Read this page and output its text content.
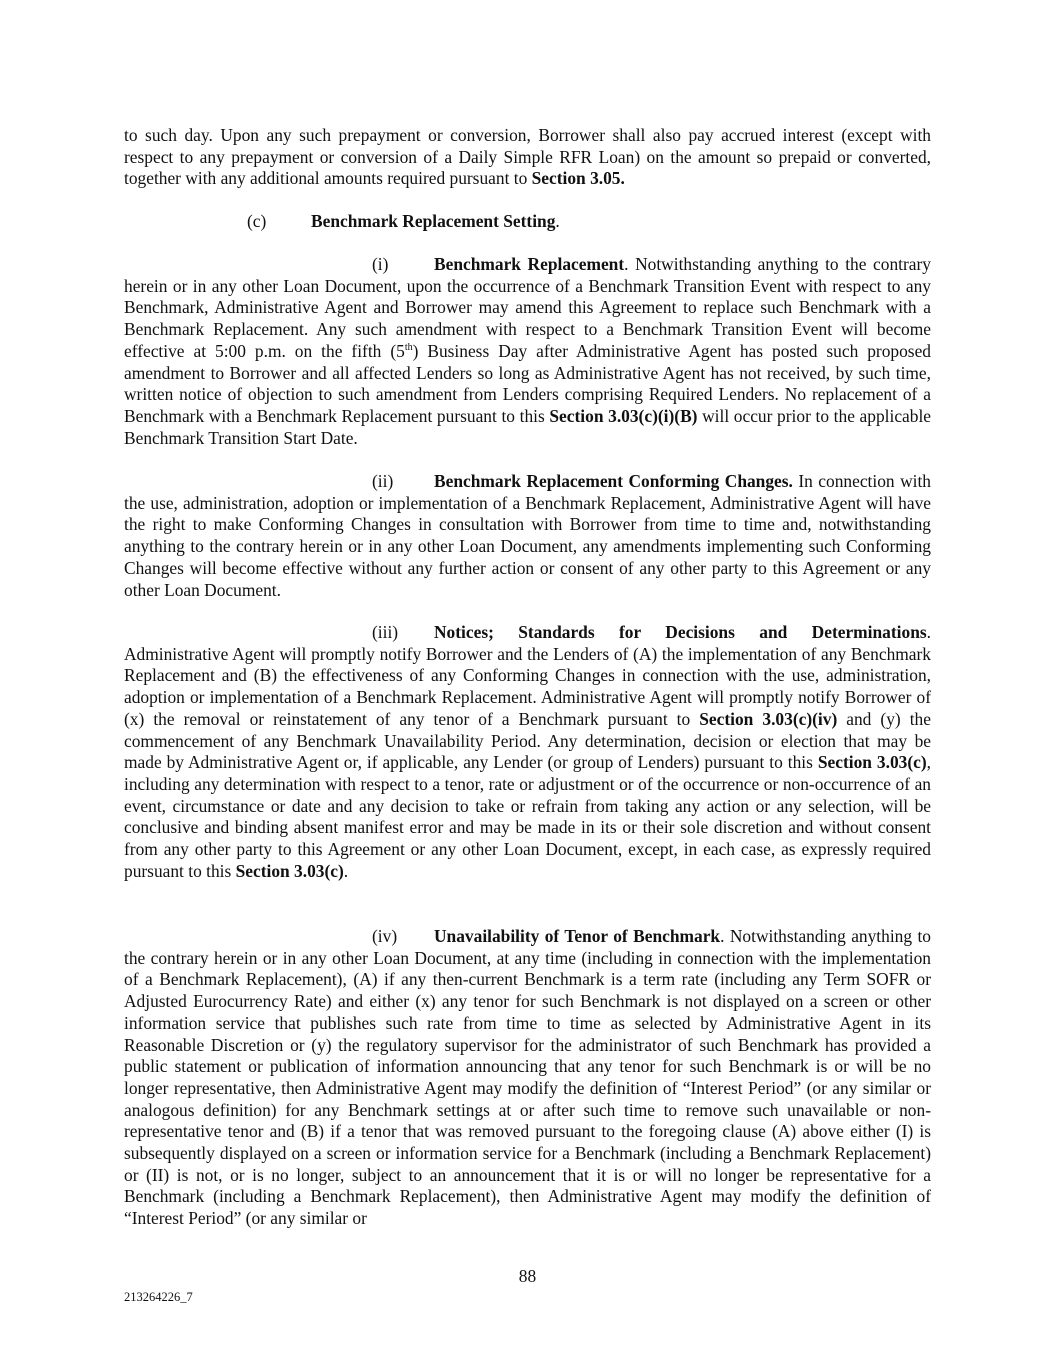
to such day. Upon any such prepayment or conversion, Borrower shall also pay accrued interest (except with respect to any prepayment or conversion of a Daily Simple RFR Loan) on the amount so prepaid or converted, together with any additional amounts required pursuant to Section 3.05.

(c)	Benchmark Replacement Setting.

(i)	Benchmark Replacement. Notwithstanding anything to the contrary herein or in any other Loan Document, upon the occurrence of a Benchmark Transition Event with respect to any Benchmark, Administrative Agent and Borrower may amend this Agreement to replace such Benchmark with a Benchmark Replacement. Any such amendment with respect to a Benchmark Transition Event will become effective at 5:00 p.m. on the fifth (5th) Business Day after Administrative Agent has posted such proposed amendment to Borrower and all affected Lenders so long as Administrative Agent has not received, by such time, written notice of objection to such amendment from Lenders comprising Required Lenders. No replacement of a Benchmark with a Benchmark Replacement pursuant to this Section 3.03(c)(i)(B) will occur prior to the applicable Benchmark Transition Start Date.

(ii) Benchmark Replacement Conforming Changes. In connection with the use, administration, adoption or implementation of a Benchmark Replacement, Administrative Agent will have the right to make Conforming Changes in consultation with Borrower from time to time and, notwithstanding anything to the contrary herein or in any other Loan Document, any amendments implementing such Conforming Changes will become effective without any further action or consent of any other party to this Agreement or any other Loan Document.

(iii) Notices; Standards for Decisions and Determinations. Administrative Agent will promptly notify Borrower and the Lenders of (A) the implementation of any Benchmark Replacement and (B) the effectiveness of any Conforming Changes in connection with the use, administration, adoption or implementation of a Benchmark Replacement. Administrative Agent will promptly notify Borrower of (x) the removal or reinstatement of any tenor of a Benchmark pursuant to Section 3.03(c)(iv) and (y) the commencement of any Benchmark Unavailability Period. Any determination, decision or election that may be made by Administrative Agent or, if applicable, any Lender (or group of Lenders) pursuant to this Section 3.03(c), including any determination with respect to a tenor, rate or adjustment or of the occurrence or non-occurrence of an event, circumstance or date and any decision to take or refrain from taking any action or any selection, will be conclusive and binding absent manifest error and may be made in its or their sole discretion and without consent from any other party to this Agreement or any other Loan Document, except, in each case, as expressly required pursuant to this Section 3.03(c).

(iv) Unavailability of Tenor of Benchmark. Notwithstanding anything to the contrary herein or in any other Loan Document, at any time (including in connection with the implementation of a Benchmark Replacement), (A) if any then-current Benchmark is a term rate (including any Term SOFR or Adjusted Eurocurrency Rate) and either (x) any tenor for such Benchmark is not displayed on a screen or other information service that publishes such rate from time to time as selected by Administrative Agent in its Reasonable Discretion or (y) the regulatory supervisor for the administrator of such Benchmark has provided a public statement or publication of information announcing that any tenor for such Benchmark is or will be no longer representative, then Administrative Agent may modify the definition of “Interest Period” (or any similar or analogous definition) for any Benchmark settings at or after such time to remove such unavailable or non-representative tenor and (B) if a tenor that was removed pursuant to the foregoing clause (A) above either (I) is subsequently displayed on a screen or information service for a Benchmark (including a Benchmark Replacement) or (II) is not, or is no longer, subject to an announcement that it is or will no longer be representative for a Benchmark (including a Benchmark Replacement), then Administrative Agent may modify the definition of “Interest Period” (or any similar or

88

213264226_7
